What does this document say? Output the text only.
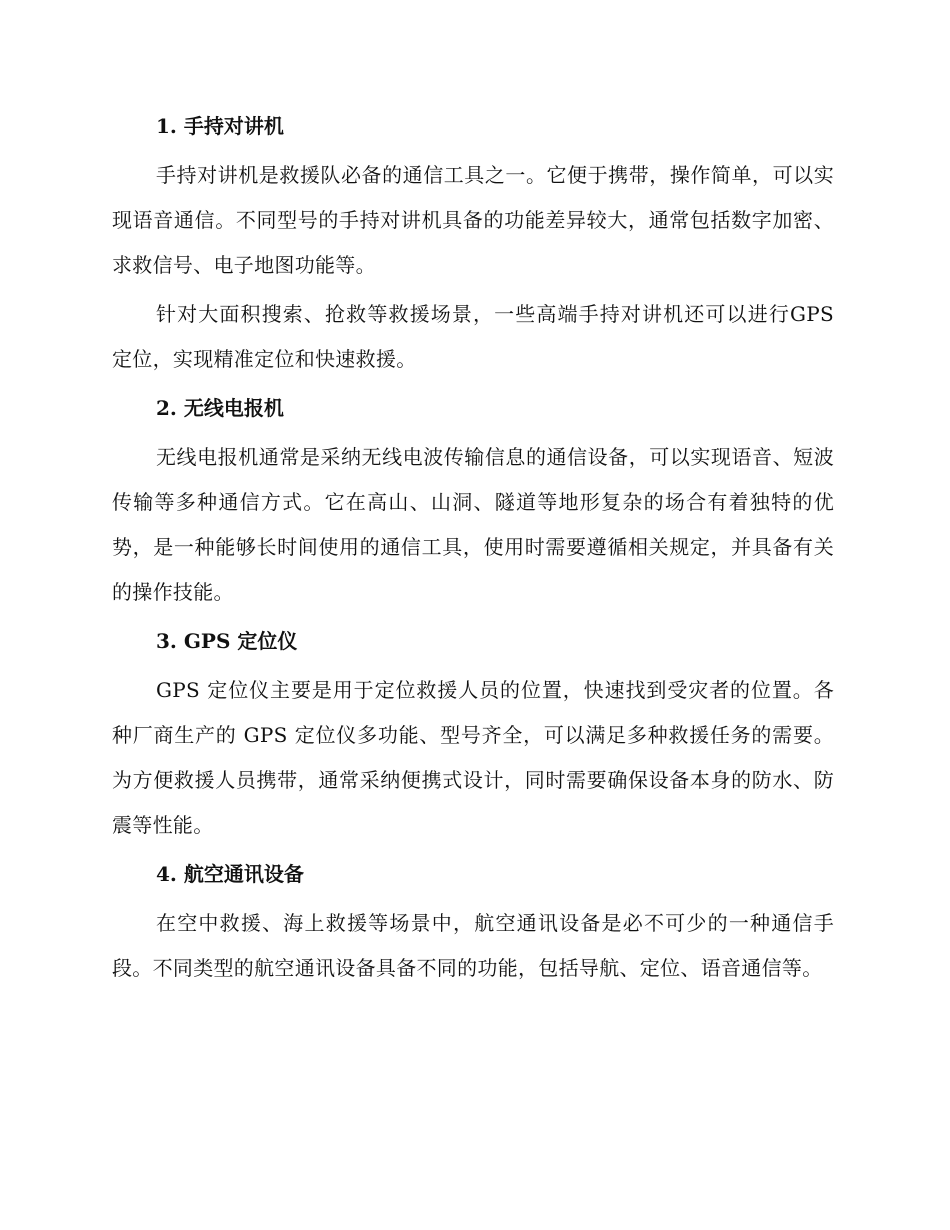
1. 手持对讲机

手持对讲机是救援队必备的通信工具之一。它便于携带，操作简单，可以实现语音通信。不同型号的手持对讲机具备的功能差异较大，通常包括数字加密、求救信号、电子地图功能等。

针对大面积搜索、抢救等救援场景，一些高端手持对讲机还可以进行GPS 定位，实现精准定位和快速救援。

2. 无线电报机

无线电报机通常是采纳无线电波传输信息的通信设备，可以实现语音、短波传输等多种通信方式。它在高山、山洞、隧道等地形复杂的场合有着独特的优势，是一种能够长时间使用的通信工具，使用时需要遵循相关规定，并具备有关的操作技能。

3. GPS 定位仪

GPS 定位仪主要是用于定位救援人员的位置，快速找到受灾者的位置。各种厂商生产的 GPS 定位仪多功能、型号齐全，可以满足多种救援任务的需要。为方便救援人员携带，通常采纳便携式设计，同时需要确保设备本身的防水、防震等性能。

4. 航空通讯设备

在空中救援、海上救援等场景中，航空通讯设备是必不可少的一种通信手段。不同类型的航空通讯设备具备不同的功能，包括导航、定位、语音通信等。
